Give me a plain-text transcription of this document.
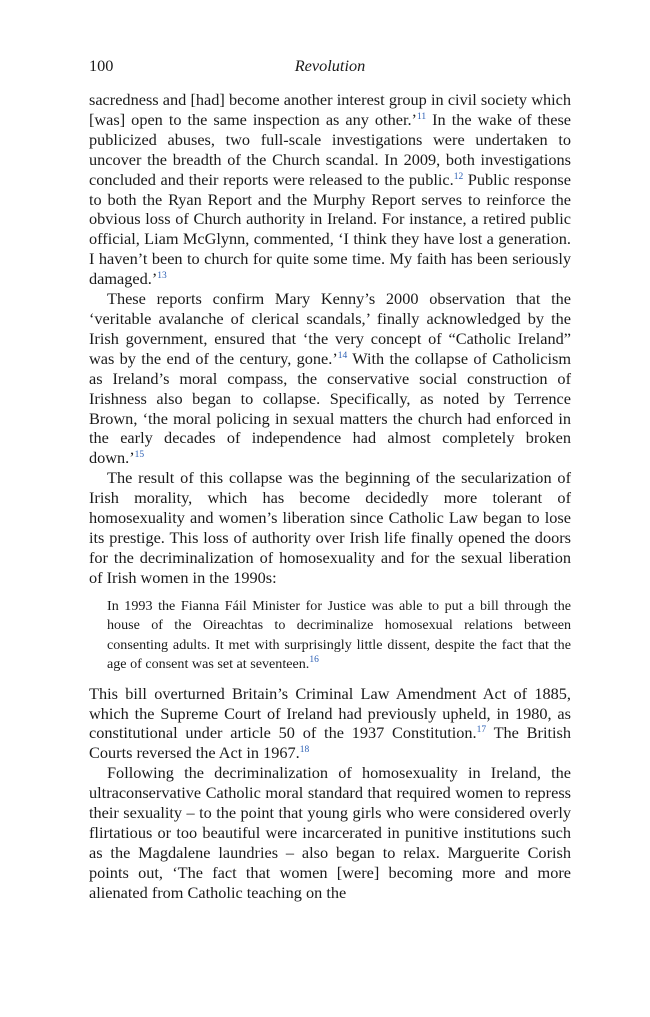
100	Revolution

sacredness and [had] become another interest group in civil society which [was] open to the same inspection as any other.’$^{11}$ In the wake of these publicized abuses, two full-scale investigations were undertaken to uncover the breadth of the Church scandal. In 2009, both investigations concluded and their reports were released to the public.$^{12}$ Public response to both the Ryan Report and the Murphy Report serves to reinforce the obvious loss of Church authority in Ireland. For instance, a retired public official, Liam McGlynn, commented, ‘I think they have lost a generation. I haven’t been to church for quite some time. My faith has been seriously damaged.’$^{13}$

These reports confirm Mary Kenny’s 2000 observation that the ‘veritable avalanche of clerical scandals,’ finally acknowledged by the Irish government, ensured that ‘the very concept of “Catholic Ireland” was by the end of the century, gone.’$^{14}$ With the collapse of Catholicism as Ireland’s moral compass, the conservative social construction of Irishness also began to collapse. Specifically, as noted by Terrence Brown, ‘the moral policing in sexual matters the church had enforced in the early decades of independence had almost completely broken down.’$^{15}$

The result of this collapse was the beginning of the secularization of Irish morality, which has become decidedly more tolerant of homosexuality and women’s liberation since Catholic Law began to lose its prestige. This loss of authority over Irish life finally opened the doors for the decriminalization of homosexuality and for the sexual liberation of Irish women in the 1990s:

In 1993 the Fianna Fáil Minister for Justice was able to put a bill through the house of the Oireachtas to decriminalize homosexual relations between consenting adults. It met with surprisingly little dissent, despite the fact that the age of consent was set at seventeen.$^{16}$

This bill overturned Britain’s Criminal Law Amendment Act of 1885, which the Supreme Court of Ireland had previously upheld, in 1980, as constitutional under article 50 of the 1937 Constitution.$^{17}$ The British Courts reversed the Act in 1967.18

Following the decriminalization of homosexuality in Ireland, the ultraconservative Catholic moral standard that required women to repress their sexuality – to the point that young girls who were considered overly flirtatious or too beautiful were incarcerated in punitive institutions such as the Magdalene laundries – also began to relax. Marguerite Corish points out, ‘The fact that women [were] becoming more and more alienated from Catholic teaching on the
